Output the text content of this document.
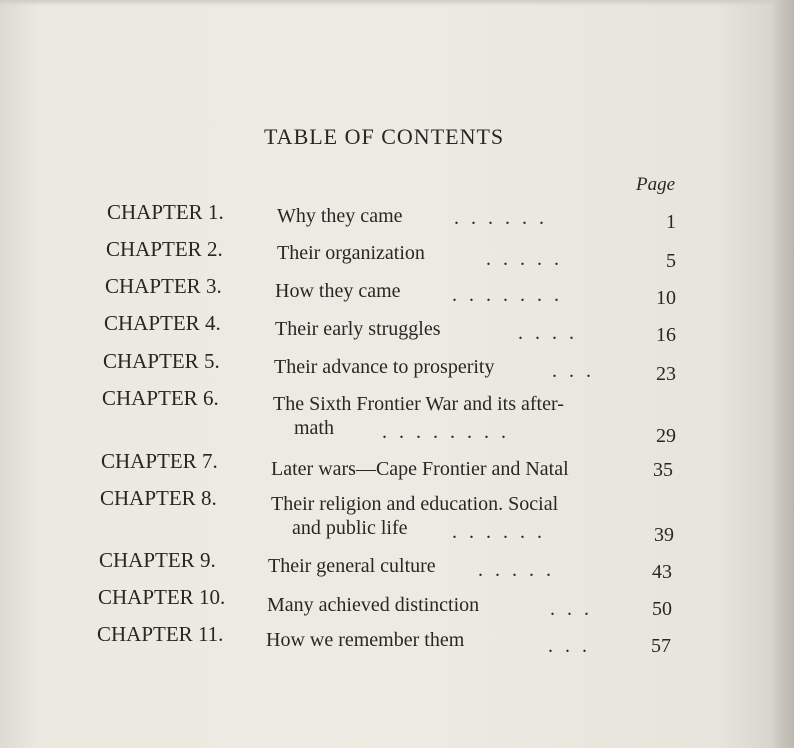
TABLE OF CONTENTS
Page
CHAPTER 1.	Why they came	......	1
CHAPTER 2.	Their organization	.....	5
CHAPTER 3.	How they came	.......	10
CHAPTER 4.	Their early struggles	....	16
CHAPTER 5.	Their advance to prosperity	...	23
CHAPTER 6.	The Sixth Frontier War and its after-
math ........	29
CHAPTER 7.	Later wars—Cape Frontier and Natal	35
CHAPTER 8.	Their religion and education. Social
and public life ......	39
CHAPTER 9.	Their general culture .....	43
CHAPTER 10. Many achieved distinction	...	50
CHAPTER 11. How we remember them	...	57
